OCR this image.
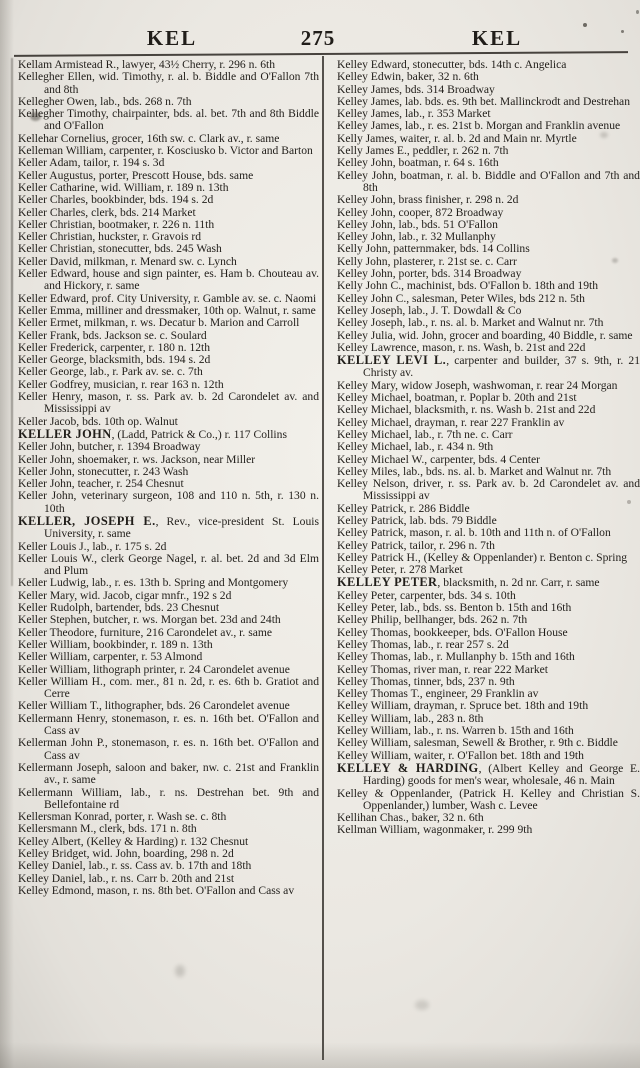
KEL	275	KEL

Kellam Armistead R., lawyer, 43½ Cherry, r. 296 n. 6th

Kellegher Ellen, wid. Timothy, r. al. b. Biddle and O'Fallon 7th and 8th

Kellegher Owen, lab., bds. 268 n. 7th

Kellegher Timothy, chairpainter, bds. al. bet. 7th and 8th Biddle and O'Fallon

Kellehar Cornelius, grocer, 16th sw. c. Clark av., r. same

Kelleman William, carpenter, r. Kosciusko b. Victor and Barton

Keller Adam, tailor, r. 194 s. 3d

Keller Augustus, porter, Prescott House, bds. same

Keller Catharine, wid. William, r. 189 n. 13th

Keller Charles, bookbinder, bds. 194 s. 2d

Keller Charles, clerk, bds. 214 Market

Keller Christian, bootmaker, r. 226 n. 11th

Keller Christian, huckster, r. Gravois rd

Keller Christian, stonecutter, bds. 245 Wash

Keller David, milkman, r. Menard sw. c. Lynch

Keller Edward, house and sign painter, es. Ham b. Chouteau av. and Hickory, r. same

Keller Edward, prof. City University, r. Gamble av. se. c. Naomi

Keller Emma, milliner and dressmaker, 10th op. Walnut, r. same

Keller Ermet, milkman, r. ws. Decatur b. Marion and Carroll

Keller Frank, bds. Jackson se. c. Soulard

Keller Frederick, carpenter, r. 180 n. 12th

Keller George, blacksmith, bds. 194 s. 2d

Keller George, lab., r. Park av. se. c. 7th

Keller Godfrey, musician, r. rear 163 n. 12th

Keller Henry, mason, r. ss. Park av. b. 2d Carondelet av. and Mississippi av

Keller Jacob, bds. 10th op. Walnut

KELLER JOHN, (Ladd, Patrick & Co.,) r. 117 Collins

Keller John, butcher, r. 1394 Broadway

Keller John, shoemaker, r. ws. Jackson, near Miller

Keller John, stonecutter, r. 243 Wash

Keller John, teacher, r. 254 Chesnut

Keller John, veterinary surgeon, 108 and 110 n. 5th, r. 130 n. 10th

KELLER, JOSEPH E., Rev., vice-president St. Louis University, r. same

Keller Louis J., lab., r. 175 s. 2d

Keller Louis W., clerk George Nagel, r. al. bet. 2d and 3d Elm and Plum

Keller Ludwig, lab., r. es. 13th b. Spring and Montgomery

Keller Mary, wid. Jacob, cigar mnfr., 192 s 2d

Keller Rudolph, bartender, bds. 23 Chesnut

Keller Stephen, butcher, r. ws. Morgan bet. 23d and 24th

Keller Theodore, furniture, 216 Carondelet av., r. same

Keller William, bookbinder, r. 189 n. 13th

Keller William, carpenter, r. 53 Almond

Keller William, lithograph printer, r. 24 Carondelet avenue

Keller William H., com. mer., 81 n. 2d, r. es. 6th b. Gratiot and Cerre

Keller William T., lithographer, bds. 26 Carondelet avenue

Kellermann Henry, stonemason, r. es. n. 16th bet. O'Fallon and Cass av

Kellerman John P., stonemason, r. es. n. 16th bet. O'Fallon and Cass av

Kellermann Joseph, saloon and baker, nw. c. 21st and Franklin av., r. same

Kellermann William, lab., r. ns. Destrehan bet. 9th and Bellefontaine rd

Kellersman Konrad, porter, r. Wash se. c. 8th

Kellersmann M., clerk, bds. 171 n. 8th

Kelley Albert, (Kelley & Harding) r. 132 Chesnut

Kelley Bridget, wid. John, boarding, 298 n. 2d

Kelley Daniel, lab., r. ss. Cass av. b. 17th and 18th

Kelley Daniel, lab., r. ns. Carr b. 20th and 21st

Kelley Edmond, mason, r. ns. 8th bet. O'Fallon and Cass av

Kelley Edward, stonecutter, bds. 14th c. Angelica

Kelley Edwin, baker, 32 n. 6th

Kelley James, bds. 314 Broadway

Kelley James, lab. bds. es. 9th bet. Mallinckrodt and Destrehan

Kelley James, lab., r. 353 Market

Kelley James, lab., r. es. 21st b. Morgan and Franklin avenue

Kelly James, waiter, r. al. b. 2d and Main nr. Myrtle

Kelly James E., peddler, r. 262 n. 7th

Kelley John, boatman, r. 64 s. 16th

Kelley John, boatman, r. al. b. Biddle and O'Fallon and 7th and 8th

Kelley John, brass finisher, r. 298 n. 2d

Kelley John, cooper, 872 Broadway

Kelley John, lab., bds. 51 O'Fallon

Kelley John, lab., r. 32 Mullanphy

Kelly John, patternmaker, bds. 14 Collins

Kelly John, plasterer, r. 21st se. c. Carr

Kelley John, porter, bds. 314 Broadway

Kelly John C., machinist, bds. O'Fallon b. 18th and 19th

Kelley John C., salesman, Peter Wiles, bds 212 n. 5th

Kelley Joseph, lab., J. T. Dowdall & Co

Kelley Joseph, lab., r. ns. al. b. Market and Walnut nr. 7th

Kelley Julia, wid. John, grocer and boarding, 40 Biddle, r. same

Kelley Lawrence, mason, r. ns. Wash, b. 21st and 22d

KELLEY LEVI L., carpenter and builder, 37 s. 9th, r. 21 Christy av.

Kelley Mary, widow Joseph, washwoman, r. rear 24 Morgan

Kelley Michael, boatman, r. Poplar b. 20th and 21st

Kelley Michael, blacksmith, r. ns. Wash b. 21st and 22d

Kelley Michael, drayman, r. rear 227 Franklin av

Kelley Michael, lab., r. 7th ne. c. Carr

Kelley Michael, lab., r. 434 n. 9th

Kelley Michael W., carpenter, bds. 4 Center

Kelley Miles, lab., bds. ns. al. b. Market and Walnut nr. 7th

Kelley Nelson, driver, r. ss. Park av. b. 2d Carondelet av. and Mississippi av

Kelley Patrick, r. 286 Biddle

Kelley Patrick, lab. bds. 79 Biddle

Kelley Patrick, mason, r. al. b. 10th and 11th n. of O'Fallon

Kelley Patrick, tailor, r. 296 n. 7th

Kelley Patrick H., (Kelley & Oppenlander) r. Benton c. Spring

Kelley Peter, r. 278 Market

KELLEY PETER, blacksmith, n. 2d nr. Carr, r. same

Kelley Peter, carpenter, bds. 34 s. 10th

Kelley Peter, lab., bds. ss. Benton b. 15th and 16th

Kelley Philip, bellhanger, bds. 262 n. 7th

Kelley Thomas, bookkeeper, bds. O'Fallon House

Kelley Thomas, lab., r. rear 257 s. 2d

Kelley Thomas, lab., r. Mullanphy b. 15th and 16th

Kelley Thomas, river man, r. rear 222 Market

Kelley Thomas, tinner, bds, 237 n. 9th

Kelley Thomas T., engineer, 29 Franklin av

Kelley William, drayman, r. Spruce bet. 18th and 19th

Kelley William, lab., 283 n. 8th

Kelley William, lab., r. ns. Warren b. 15th and 16th

Kelley William, salesman, Sewell & Brother, r. 9th c. Biddle

Kelley William, waiter, r. O'Fallon bet. 18th and 19th

KELLEY & HARDING, (Albert Kelley and George E. Harding) goods for men's wear, wholesale, 46 n. Main

Kelley & Oppenlander, (Patrick H. Kelley and Christian S. Oppenlander,) lumber, Wash c. Levee

Kellihan Chas., baker, 32 n. 6th

Kellman William, wagonmaker, r. 299 9th
